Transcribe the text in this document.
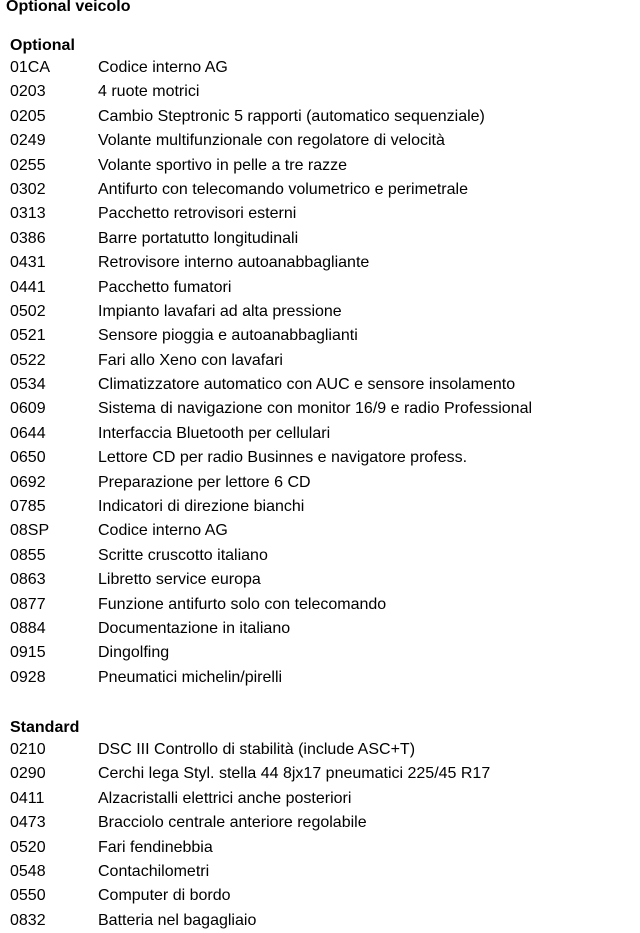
Optional veicolo
Optional
01CA	Codice interno AG
0203	4 ruote motrici
0205	Cambio Steptronic 5 rapporti (automatico sequenziale)
0249	Volante multifunzionale con regolatore di velocità
0255	Volante sportivo in pelle a tre razze
0302	Antifurto con telecomando volumetrico e perimetrale
0313	Pacchetto retrovisori esterni
0386	Barre portatutto longitudinali
0431	Retrovisore interno autoanabbagliante
0441	Pacchetto fumatori
0502	Impianto lavafari ad alta pressione
0521	Sensore pioggia e autoanabbaglianti
0522	Fari allo Xeno con lavafari
0534	Climatizzatore automatico con AUC e sensore insolamento
0609	Sistema di navigazione con monitor 16/9 e radio Professional
0644	Interfaccia Bluetooth per cellulari
0650	Lettore CD per radio Businnes e navigatore profess.
0692	Preparazione per lettore 6 CD
0785	Indicatori di direzione bianchi
08SP	Codice interno AG
0855	Scritte cruscotto italiano
0863	Libretto service europa
0877	Funzione antifurto solo con telecomando
0884	Documentazione in italiano
0915	Dingolfing
0928	Pneumatici michelin/pirelli
Standard
0210	DSC III Controllo di stabilità (include ASC+T)
0290	Cerchi lega Styl. stella 44 8jx17 pneumatici 225/45 R17
0411	Alzacristalli elettrici anche posteriori
0473	Bracciolo centrale anteriore regolabile
0520	Fari fendinebbia
0548	Contachilometri
0550	Computer di bordo
0832	Batteria nel bagagliaio
